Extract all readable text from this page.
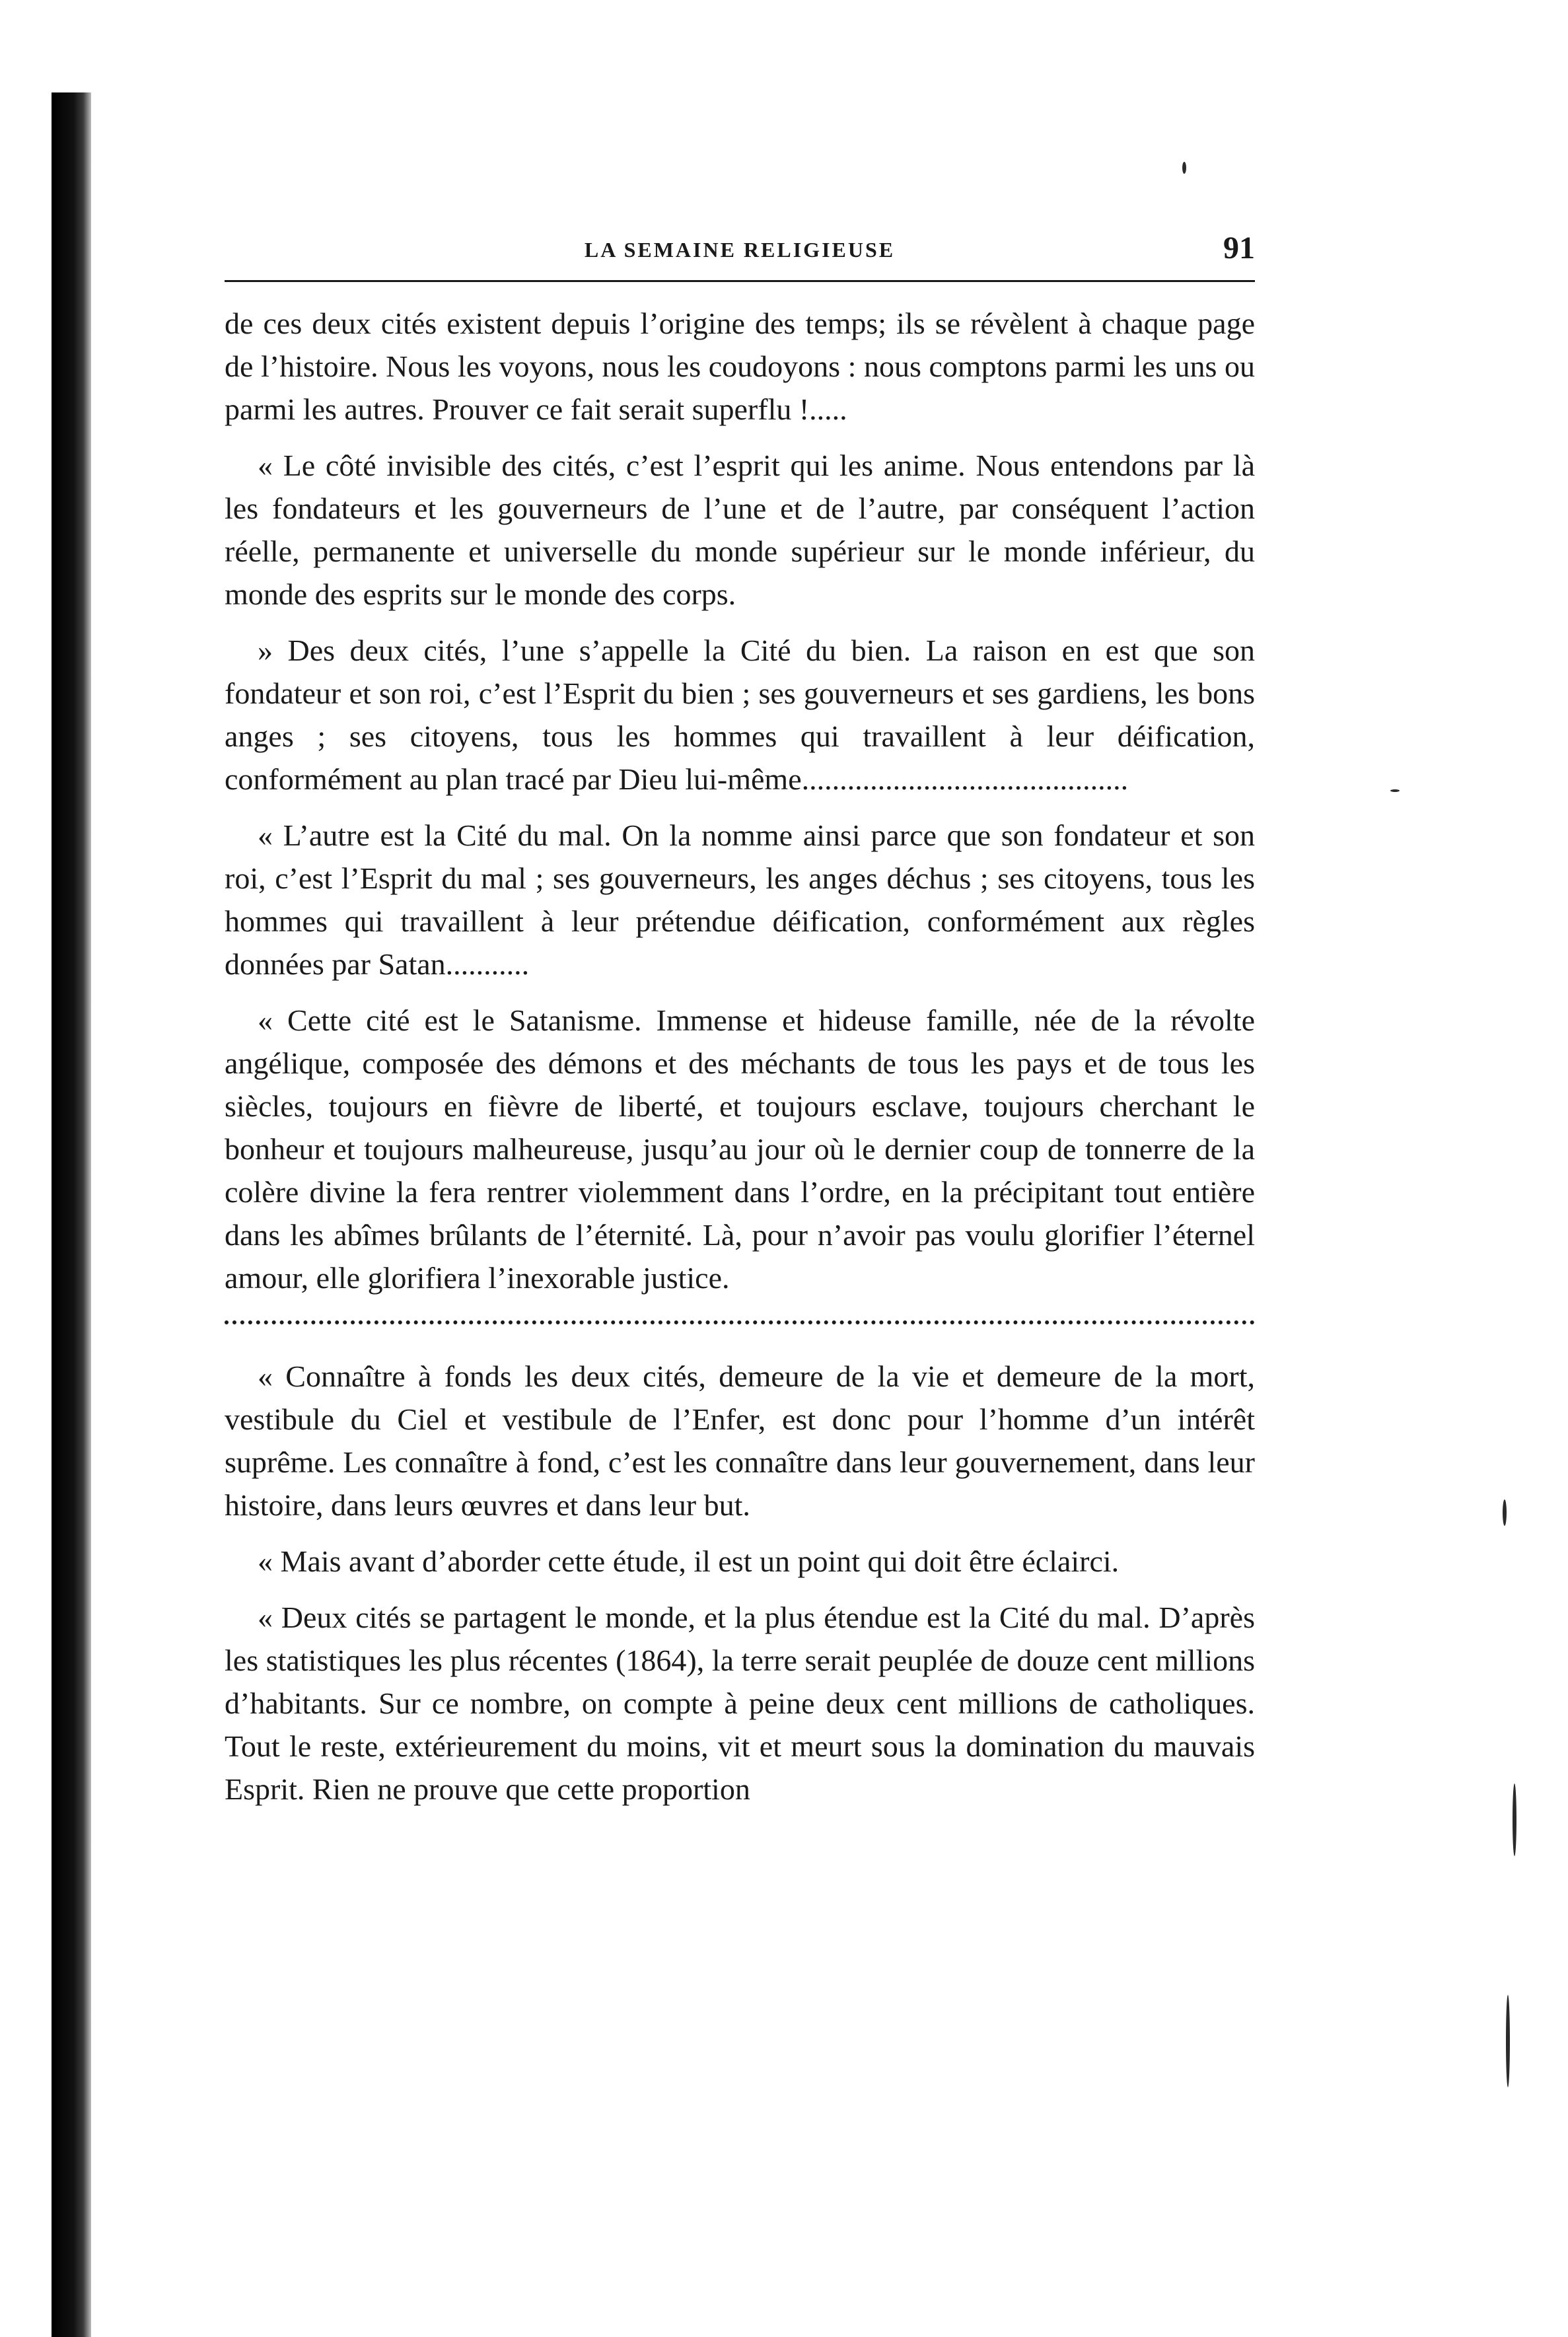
LA SEMAINE RELIGIEUSE	91

de ces deux cités existent depuis l’origine des temps; ils se révèlent à chaque page de l’histoire. Nous les voyons, nous les coudoyons : nous comptons parmi les uns ou parmi les autres. Prouver ce fait serait superflu !.....

« Le côté invisible des cités, c’est l’esprit qui les anime. Nous entendons par là les fondateurs et les gouverneurs de l’une et de l’autre, par conséquent l’action réelle, permanente et universelle du monde supérieur sur le monde inférieur, du monde des esprits sur le monde des corps.

» Des deux cités, l’une s’appelle la Cité du bien. La raison en est que son fondateur et son roi, c’est l’Esprit du bien ; ses gouverneurs et ses gardiens, les bons anges ; ses citoyens, tous les hommes qui travaillent à leur déification, conformément au plan tracé par Dieu lui-même...........................................

« L’autre est la Cité du mal. On la nomme ainsi parce que son fondateur et son roi, c’est l’Esprit du mal ; ses gouverneurs, les anges déchus ; ses citoyens, tous les hommes qui travaillent à leur prétendue déification, conformément aux règles données par Satan...........

« Cette cité est le Satanisme. Immense et hideuse famille, née de la révolte angélique, composée des démons et des méchants de tous les pays et de tous les siècles, toujours en fièvre de liberté, et toujours esclave, toujours cherchant le bonheur et toujours malheureuse, jusqu’au jour où le dernier coup de tonnerre de la colère divine la fera rentrer violemment dans l’ordre, en la précipitant tout entière dans les abîmes brûlants de l’éternité. Là, pour n’avoir pas voulu glorifier l’éternel amour, elle glorifiera l’inexorable justice.

« Connaître à fonds les deux cités, demeure de la vie et demeure de la mort, vestibule du Ciel et vestibule de l’Enfer, est donc pour l’homme d’un intérêt suprême. Les connaître à fond, c’est les connaître dans leur gouvernement, dans leur histoire, dans leurs œuvres et dans leur but.

« Mais avant d’aborder cette étude, il est un point qui doit être éclairci.

« Deux cités se partagent le monde, et la plus étendue est la Cité du mal. D’après les statistiques les plus récentes (1864), la terre serait peuplée de douze cent millions d’habitants. Sur ce nombre, on compte à peine deux cent millions de catholiques. Tout le reste, extérieurement du moins, vit et meurt sous la domination du mauvais Esprit. Rien ne prouve que cette proportion
